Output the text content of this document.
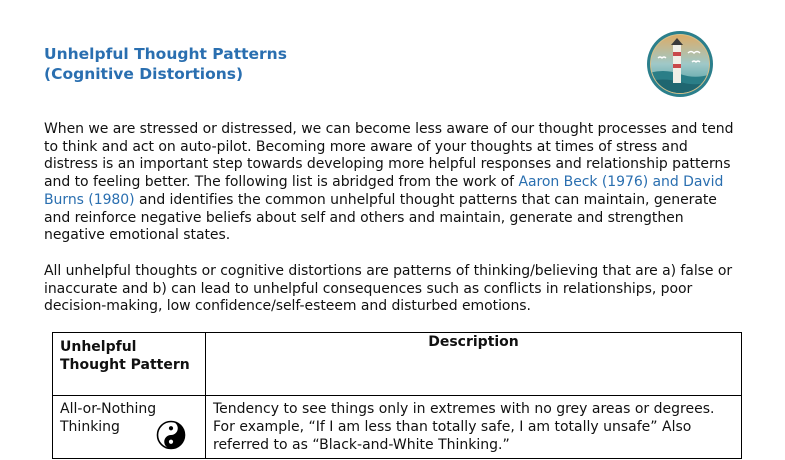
Unhelpful Thought Patterns
(Cognitive Distortions)

When we are stressed or distressed, we can become less aware of our thought processes and tend to think and act on auto-pilot. Becoming more aware of your thoughts at times of stress and distress is an important step towards developing more helpful responses and relationship patterns and to feeling better. The following list is abridged from the work of Aaron Beck (1976) and David Burns (1980) and identifies the common unhelpful thought patterns that can maintain, generate and reinforce negative beliefs about self and others and maintain, generate and strengthen negative emotional states.

All unhelpful thoughts or cognitive distortions are patterns of thinking/believing that are a) false or inaccurate and b) can lead to unhelpful consequences such as conflicts in relationships, poor decision-making, low confidence/self-esteem and disturbed emotions.

Unhelpful Thought Pattern	Description
All-or-Nothing Thinking	Tendency to see things only in extremes with no grey areas or degrees. For example, “If I am less than totally safe, I am totally unsafe” Also referred to as “Black-and-White Thinking.”
